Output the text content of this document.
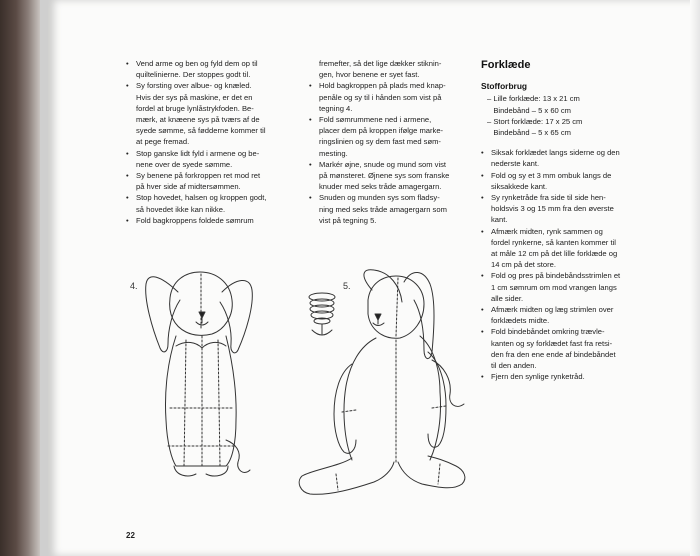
• Vend arme og ben og fyld dem op til
quiltelinierne. Der stoppes godt til.
• Sy forsting over albue- og knæled.
Hvis der sys på maskine, er det en
fordel at bruge lynlåstrykfoden. Be-
mærk, at knæene sys på tværs af de
syede sømme, så fødderne kommer til
at pege fremad.
• Stop ganske lidt fyld i armene og be-
nene over de syede sømme.
• Sy benene på forkroppen ret mod ret
på hver side af midtersømmen.
• Stop hovedet, halsen og kroppen godt,
så hovedet ikke kan nikke.
• Fold bagkroppens foldede sømrum
fremefter, så det lige dækker stiknin-
gen, hvor benene er syet fast.
• Hold bagkroppen på plads med knap-
penåle og sy til i hånden som vist på
tegning 4.
• Fold sømrummene ned i armene,
placer dem på kroppen ifølge marke-
ringslinien og sy dem fast med søm-
mesting.
• Markér øjne, snude og mund som vist
på mønsteret. Øjnene sys som franske
knuder med seks tråde amagergarn.
• Snuden og munden sys som fladsy-
ning med seks tråde amagergarn som
vist på tegning 5.
Forklæde
Stofforbrug
– Lille forklæde: 13 x 21 cm
Bindebånd – 5 x 60 cm
– Stort forklæde: 17 x 25 cm
Bindebånd – 5 x 65 cm
• Siksak forklædet langs siderne og den
nederste kant.
• Fold og sy et 3 mm ombuk langs de
siksakkede kant.
• Sy rynketråde fra side til side hen-
holdsvis 3 og 15 mm fra den øverste
kant.
• Afmærk midten, rynk sammen og
fordel rynkerne, så kanten kommer til
at måle 12 cm på det lille forklæde og
14 cm på det store.
• Fold og pres på bindebåndsstrimlen et
1 cm sømrum om mod vrangen langs
alle sider.
• Afmærk midten og læg strimlen over
forklædets midte.
• Fold bindebåndet omkring trævle-
kanten og sy forklædet fast fra retsi-
den fra den ene ende af bindebåndet
til den anden.
• Fjern den synlige rynketråd.
4.	5.
22
